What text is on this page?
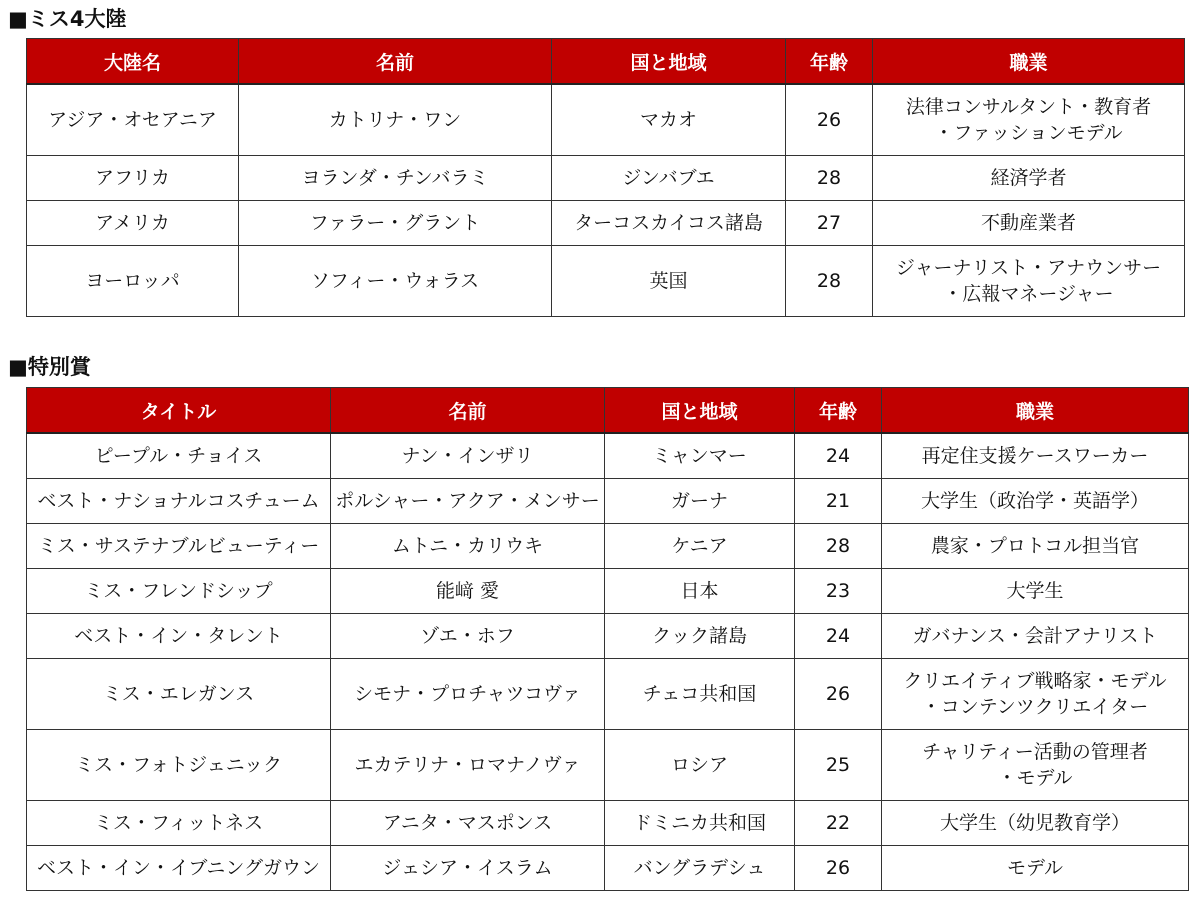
■ミス4大陸
大陸名	名前	国と地域	年齢	職業
アジア・オセアニア	カトリナ・ワン	マカオ	26	法律コンサルタント・教育者
・ファッションモデル
アフリカ	ヨランダ・チンバラミ	ジンバブエ	28	経済学者
アメリカ	ファラー・グラント	ターコスカイコス諸島	27	不動産業者
ヨーロッパ	ソフィー・ウォラス	英国	28	ジャーナリスト・アナウンサー
・広報マネージャー
■特別賞
タイトル	名前	国と地域	年齢	職業
ピープル・チョイス	ナン・インザリ	ミャンマー	24	再定住支援ケースワーカー
ベスト・ナショナルコスチューム	ポルシャー・アクア・メンサー	ガーナ	21	大学生（政治学・英語学）
ミス・サステナブルビューティー	ムトニ・カリウキ	ケニア	28	農家・プロトコル担当官
ミス・フレンドシップ	能﨑 愛	日本	23	大学生
ベスト・イン・タレント	ゾエ・ホフ	クック諸島	24	ガバナンス・会計アナリスト
ミス・エレガンス	シモナ・プロチャツコヴァ	チェコ共和国	26	クリエイティブ戦略家・モデル
・コンテンツクリエイター
ミス・フォトジェニック	エカテリナ・ロマナノヴァ	ロシア	25	チャリティー活動の管理者
・モデル
ミス・フィットネス	アニタ・マスポンス	ドミニカ共和国	22	大学生（幼児教育学）
ベスト・イン・イブニングガウン	ジェシア・イスラム	バングラデシュ	26	モデル
